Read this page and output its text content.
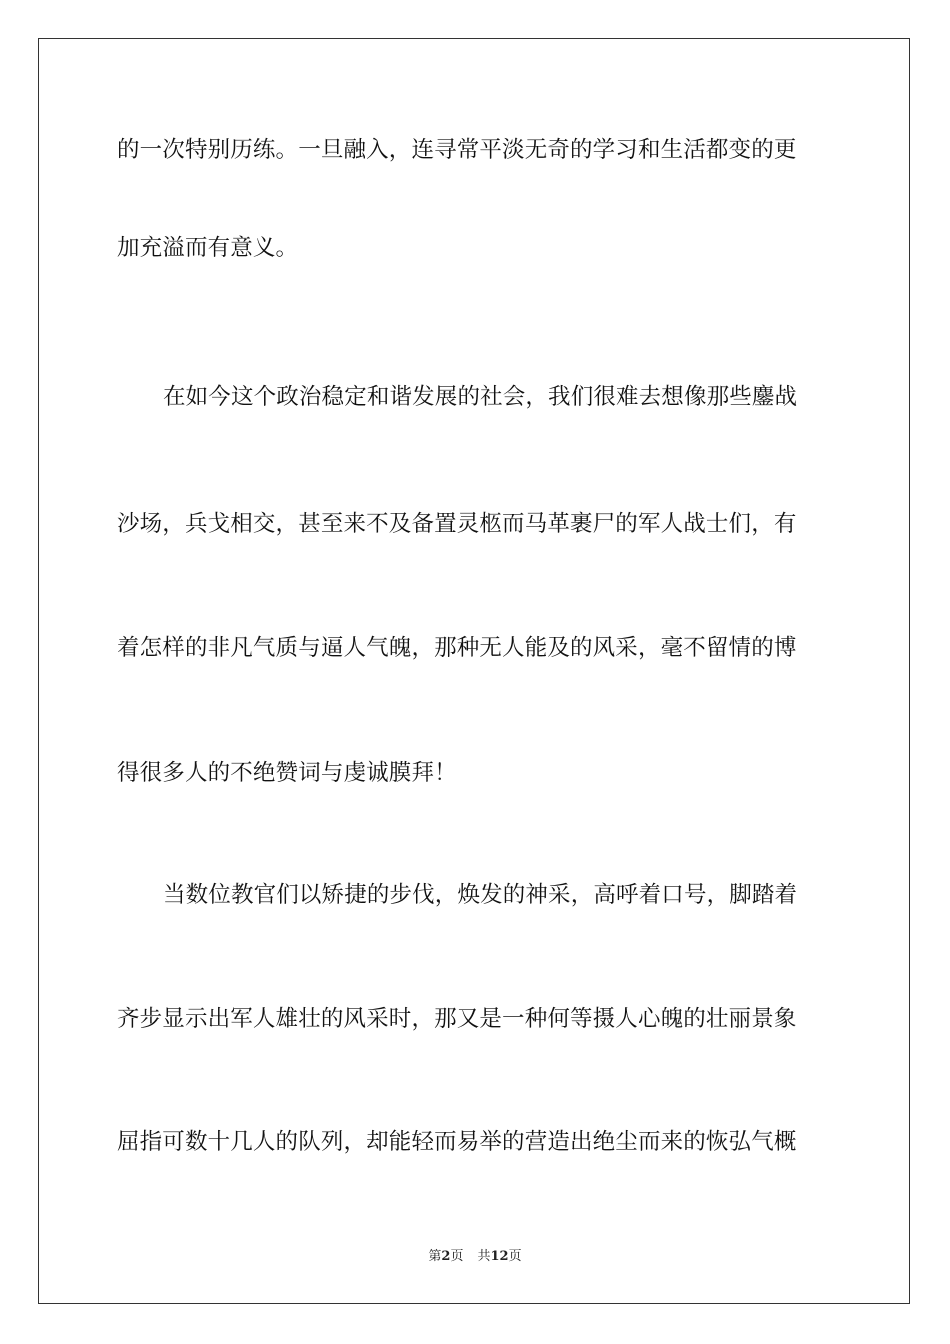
的一次特别历练。一旦融入，连寻常平淡无奇的学习和生活都变的更
加充溢而有意义。
在如今这个政治稳定和谐发展的社会，我们很难去想像那些鏖战
沙场，兵戈相交，甚至来不及备置灵柩而马革裹尸的军人战士们，有
着怎样的非凡气质与逼人气魄，那种无人能及的风采，毫不留情的博
得很多人的不绝赞词与虔诚膜拜！
当数位教官们以矫捷的步伐，焕发的神采，高呼着口号，脚踏着
齐步显示出军人雄壮的风采时，那又是一种何等摄人心魄的壮丽景象
屈指可数十几人的队列，却能轻而易举的营造出绝尘而来的恢弘气概
第2页 共12页
